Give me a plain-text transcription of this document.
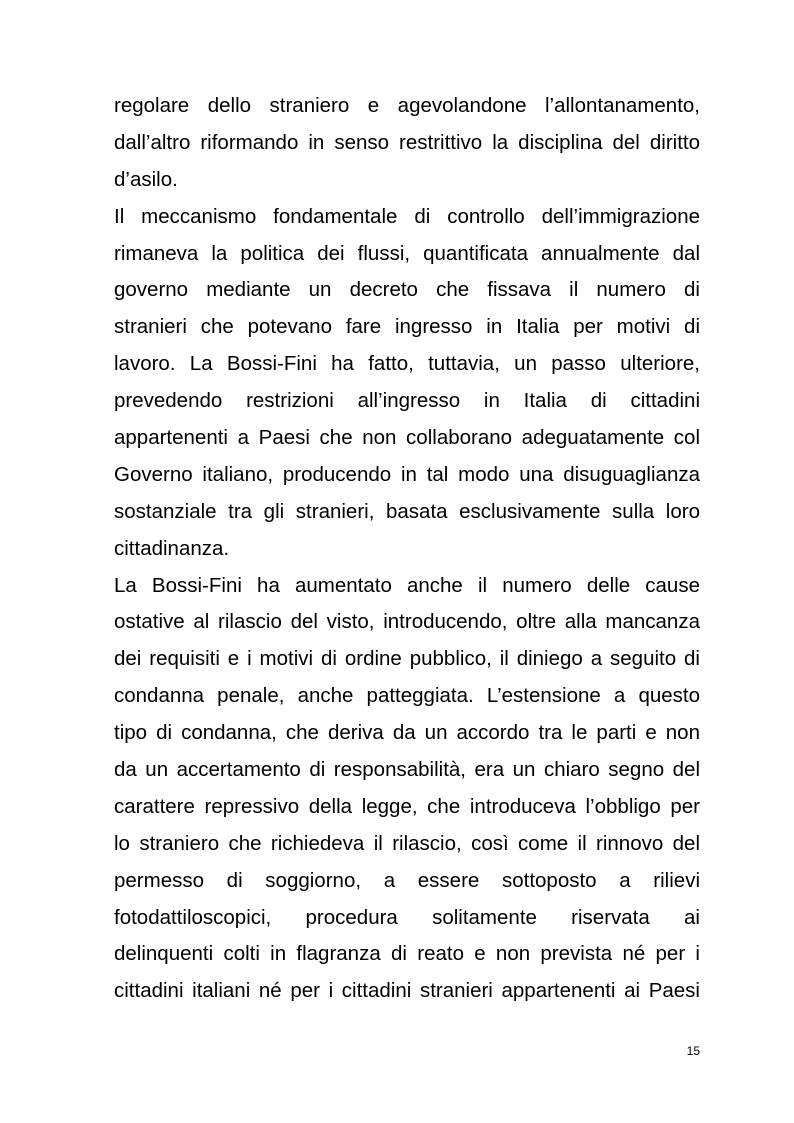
regolare dello straniero e agevolandone l’allontanamento,
dall’altro riformando in senso restrittivo la disciplina del diritto
d’asilo.
Il meccanismo fondamentale di controllo dell’immigrazione
rimaneva la politica dei flussi, quantificata annualmente dal
governo mediante un decreto che fissava il numero di
stranieri che potevano fare ingresso in Italia per motivi di
lavoro. La Bossi-Fini ha fatto, tuttavia, un passo ulteriore,
prevedendo restrizioni all’ingresso in Italia di cittadini
appartenenti a Paesi che non collaborano adeguatamente col
Governo italiano, producendo in tal modo una disuguaglianza
sostanziale tra gli stranieri, basata esclusivamente sulla loro
cittadinanza.
La Bossi-Fini ha aumentato anche il numero delle cause
ostative al rilascio del visto, introducendo, oltre alla mancanza
dei requisiti e i motivi di ordine pubblico, il diniego a seguito di
condanna penale, anche patteggiata. L’estensione a questo
tipo di condanna, che deriva da un accordo tra le parti e non
da un accertamento di responsabilità, era un chiaro segno del
carattere repressivo della legge, che introduceva l’obbligo per
lo straniero che richiedeva il rilascio, così come il rinnovo del
permesso di soggiorno, a essere sottoposto a rilievi
fotodattiloscopici, procedura solitamente riservata ai
delinquenti colti in flagranza di reato e non prevista né per i
cittadini italiani né per i cittadini stranieri appartenenti ai Paesi
15
